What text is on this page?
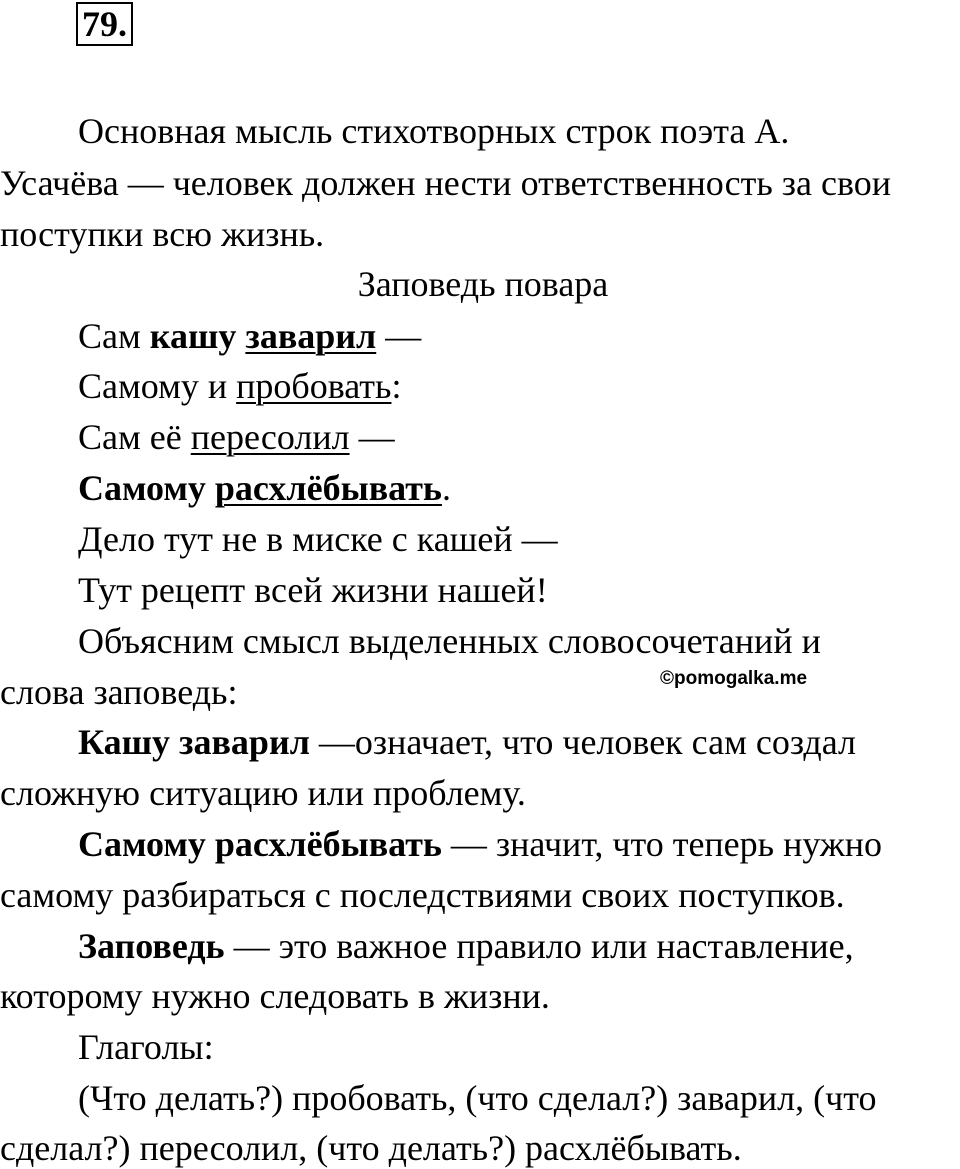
79.
Основная мысль стихотворных строк поэта А.
Усачёва — человек должен нести ответственность за свои
поступки всю жизнь.
Заповедь повара
Сам кашу заварил —
Самому и пробовать:
Сам её пересолил —
Самому расхлёбывать.
Дело тут не в миске с кашей —
Тут рецепт всей жизни нашей!
Объясним смысл выделенных словосочетаний и
слова заповедь:	©pomogalka.me
Кашу заварил —означает, что человек сам создал
сложную ситуацию или проблему.
Самому расхлёбывать — значит, что теперь нужно
самому разбираться с последствиями своих поступков.
Заповедь — это важное правило или наставление,
которому нужно следовать в жизни.
Глаголы:
(Что делать?) пробовать, (что сделал?) заварил, (что
сделал?) пересолил, (что делать?) расхлёбывать.
